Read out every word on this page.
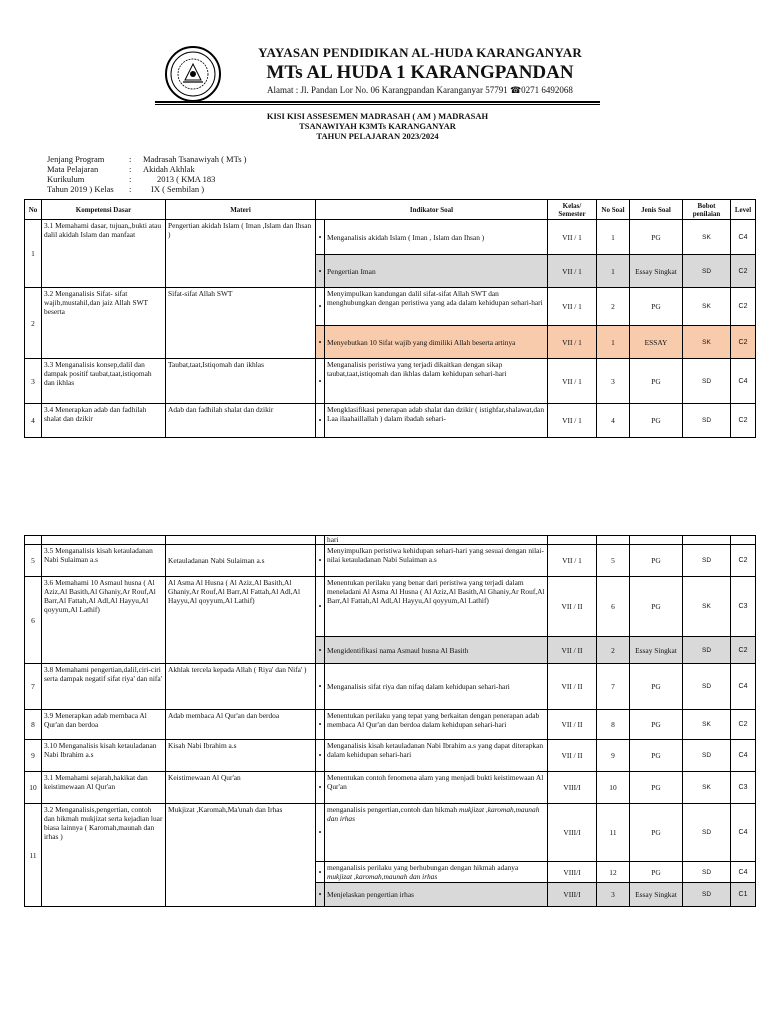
YAYASAN PENDIDIKAN AL-HUDA KARANGANYAR
MTs AL HUDA 1 KARANGPANDAN
Alamat : Jl. Pandan Lor No. 06 Karangpandan Karanganyar 57791 ☎0271 6492068
KISI KISI ASSESEMEN MADRASAH ( AM ) MADRASAH
TSANAWIYAH K3MTs KARANGANYAR
TAHUN PELAJARAN 2023/2024
Jenjang Program	:	Madrasah Tsanawiyah ( MTs )
Mata Pelajaran	:	Akidah Akhlak
Kurikulum	:	2013 ( KMA 183
Tahun 2019 ) Kelas	:	IX ( Sembilan )
No	Kompetensi Dasar	Materi	Indikator Soal		Kelas/ Semester	No Soal	Jenis Soal	Bobot penilaian	Level
1	3.1 Memahami dasar, tujuan,,bukti atau dalil akidah Islam dan manfaat	Pengertian akidah Islam ( Iman ,Islam dan Ihsan )	•	Menganalisis akidah Islam ( Iman , Islam dan Ihsan )	VII / 1	1	PG	SK	C4
			•	Pengertian Iman	VII / 1	1	Essay Singkat	SD	C2
2	3.2 Menganalisis Sifat- sifat wajib,mustahil,dan jaiz Allah SWT beserta	Sifat-sifat Allah SWT	•	Menyimpulkan kandungan dalil sifat-sifat Allah SWT dan menghubungkan dengan peristiwa yang ada dalam kehidupan sehari-hari	VII / 1	2	PG	SK	C2
			•	Menyebutkan 10 Sifat wajib yang dimiliki Allah beserta artinya	VII / 1	1	ESSAY	SK	C2
3	3.3 Menganalisis konsep,dalil dan dampak positif taubat,taat,istiqomah dan ikhlas	Taubat,taat,Istiqomah dan ikhlas	•	Menganalisis peristiwa yang terjadi dikaitkan dengan sikap taubat,taat,istiqomah dan ikhlas dalam kehidupan sehari-hari	VII / 1	3	PG	SD	C4
4	3.4 Menerapkan adab dan fadhilah shalat dan dzikir	Adab dan fadhilah shalat dan dzikir	•	Mengklasifikasi penerapan adab shalat dan dzikir ( istighfar,shalawat,dan Laa ilaahaillallah ) dalam ibadah sehari-	VII / 1	4	PG	SD	C2
				hari					
5	3.5 Menganalisis kisah ketauladanan Nabi Sulaiman a.s	Ketauladanan Nabi Sulaiman a.s	•	Menyimpulkan peristiwa kehidupan sehari-hari yang sesuai dengan nilai-nilai ketauladanan Nabi Sulaiman a.s	VII / 1	5	PG	SD	C2
6	3.6 Memahami 10 Asmaul husna ( Al Aziz,Al Basith,Al Ghaniy,Ar Rouf,Al Barr,Al Fattah,Al Adl,Al Hayyu,Al qoyyum,Al Lathif)	Al Asma Al Husna ( Al Aziz,Al Basith,Al Ghaniy,Ar Rouf,Al Barr,Al Fattah,Al Adl,Al Hayyu,Al qoyyum,Al Lathif)	•	Menentukan perilaku yang benar dari peristiwa yang terjadi dalam meneladani Al Asma Al Husna ( Al Aziz,Al Basith,Al Ghaniy,Ar Rouf,Al Barr,Al Fattah,Al Adl,Al Hayyu,Al qoyyum,Al Lathif)	VII / II	6	PG	SK	C3
			•	Mengidentifikasi nama Asmaul husna Al Basith	VII / II	2	Essay Singkat	SD	C2
7	3.8 Memahami pengertian,dalil,ciri-ciri serta dampak negatif sifat riya' dan nifa'	Akhlak tercela kepada Allah ( Riya' dan Nifa' )	•	Menganalisis sifat riya dan nifaq dalam kehidupan sehari-hari	VII / II	7	PG	SD	C4
8	3.9 Menerapkan adab membaca Al Qur'an dan berdoa	Adab membaca Al Qur'an dan berdoa	•	Menentukan perilaku yang tepat yang berkaitan dengan penerapan adab membaca Al Qur'an dan berdoa dalam kehidupan sehari-hari	VII / II	8	PG	SK	C2
9	3.10 Menganalisis kisah ketauladanan Nabi Ibrahim a.s	Kisah Nabi Ibrahim a.s	•	Menganalisis kisah ketauladanan Nabi Ibrahim a.s yang dapat diterapkan dalam kehidupan sehari-hari	VII / II	9	PG	SD	C4
10	3.1 Memahami sejarah,hakikat dan keistimewaan Al Qur'an	Keistimewaan Al Qur'an	•	Menentukan contoh fenomena alam yang menjadi bukti keistimewaan Al Qur'an	VIII/I	10	PG	SK	C3
11	3.2 Menganalisis,pengertian, contoh dan hikmah mukjizat serta kejadian luar biasa lainnya ( Karomah,maunah dan irhas )	Mukjizat ,Karomah,Ma'unah dan Irhas	•	menganalisis pengertian,contoh dan hikmah mukjizat ,karomah,maunah dan irhas	VIII/I	11	PG	SD	C4
			•	menganalisis perilaku yang berhubungan dengan hikmah adanya mukjizat ,karomah,maunah dan irhas	VIII/I	12	PG	SD	C4
			•	Menjelaskan pengertian irhas	VIII/I	3	Essay Singkat	SD	C1
